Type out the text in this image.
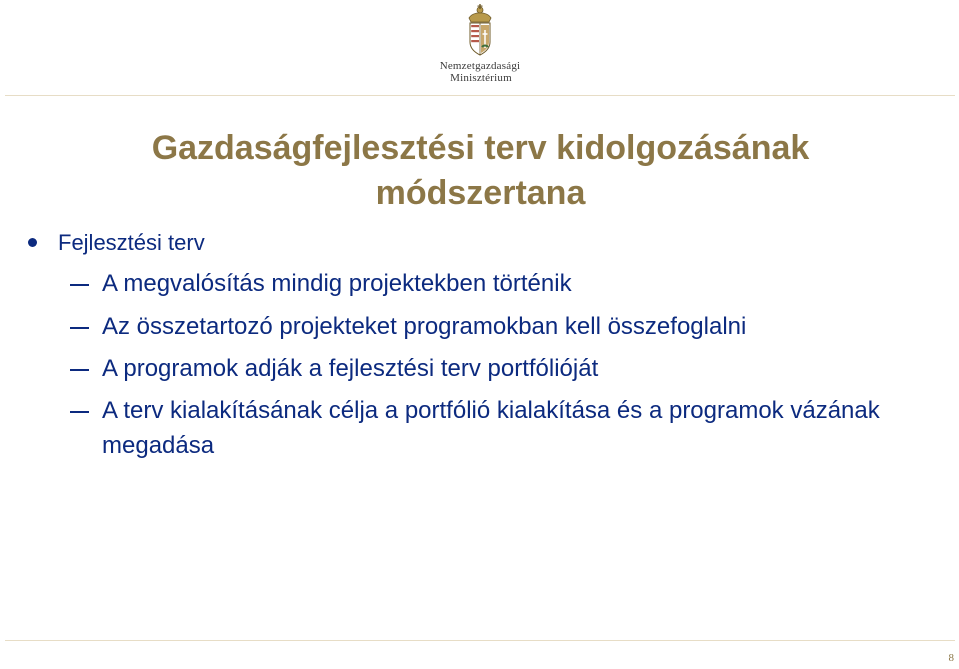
Nemzetgazdasági
Minisztérium
Gazdaságfejlesztési terv kidolgozásának módszertana
Fejlesztési terv
A megvalósítás mindig projektekben történik
Az összetartozó projekteket programokban kell összefoglalni
A programok adják a fejlesztési terv portfólióját
A terv kialakításának célja a portfólió kialakítása és a programok vázának megadása
8
